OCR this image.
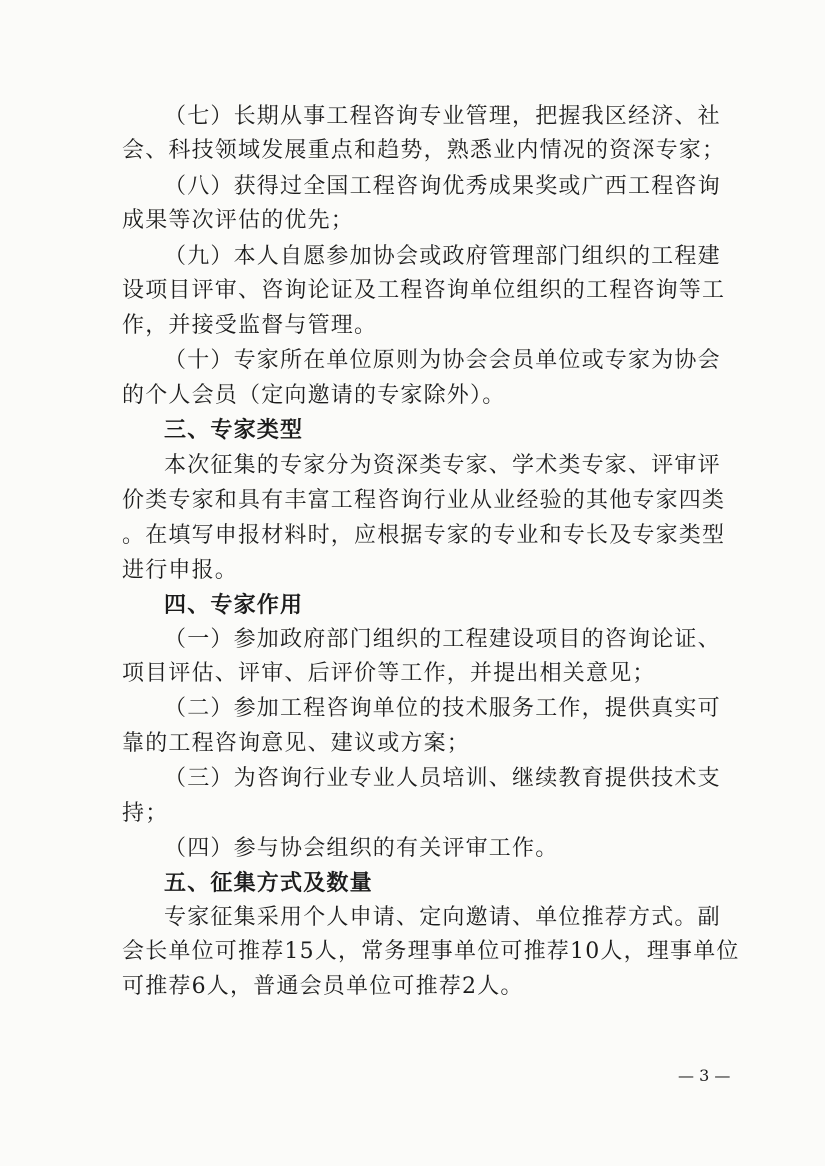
（七）长期从事工程咨询专业管理，把握我区经济、社
会、科技领域发展重点和趋势，熟悉业内情况的资深专家；
（八）获得过全国工程咨询优秀成果奖或广西工程咨询
成果等次评估的优先；
（九）本人自愿参加协会或政府管理部门组织的工程建
设项目评审、咨询论证及工程咨询单位组织的工程咨询等工
作，并接受监督与管理。
（十）专家所在单位原则为协会会员单位或专家为协会
的个人会员（定向邀请的专家除外）。
三、专家类型
本次征集的专家分为资深类专家、学术类专家、评审评
价类专家和具有丰富工程咨询行业从业经验的其他专家四类
。在填写申报材料时，应根据专家的专业和专长及专家类型
进行申报。
四、专家作用
（一）参加政府部门组织的工程建设项目的咨询论证、
项目评估、评审、后评价等工作，并提出相关意见；
（二）参加工程咨询单位的技术服务工作，提供真实可
靠的工程咨询意见、建议或方案；
（三）为咨询行业专业人员培训、继续教育提供技术支
持；
（四）参与协会组织的有关评审工作。
五、征集方式及数量
专家征集采用个人申请、定向邀请、单位推荐方式。副
会长单位可推荐15人，常务理事单位可推荐10人，理事单位
可推荐6人，普通会员单位可推荐2人。
— 3 —
